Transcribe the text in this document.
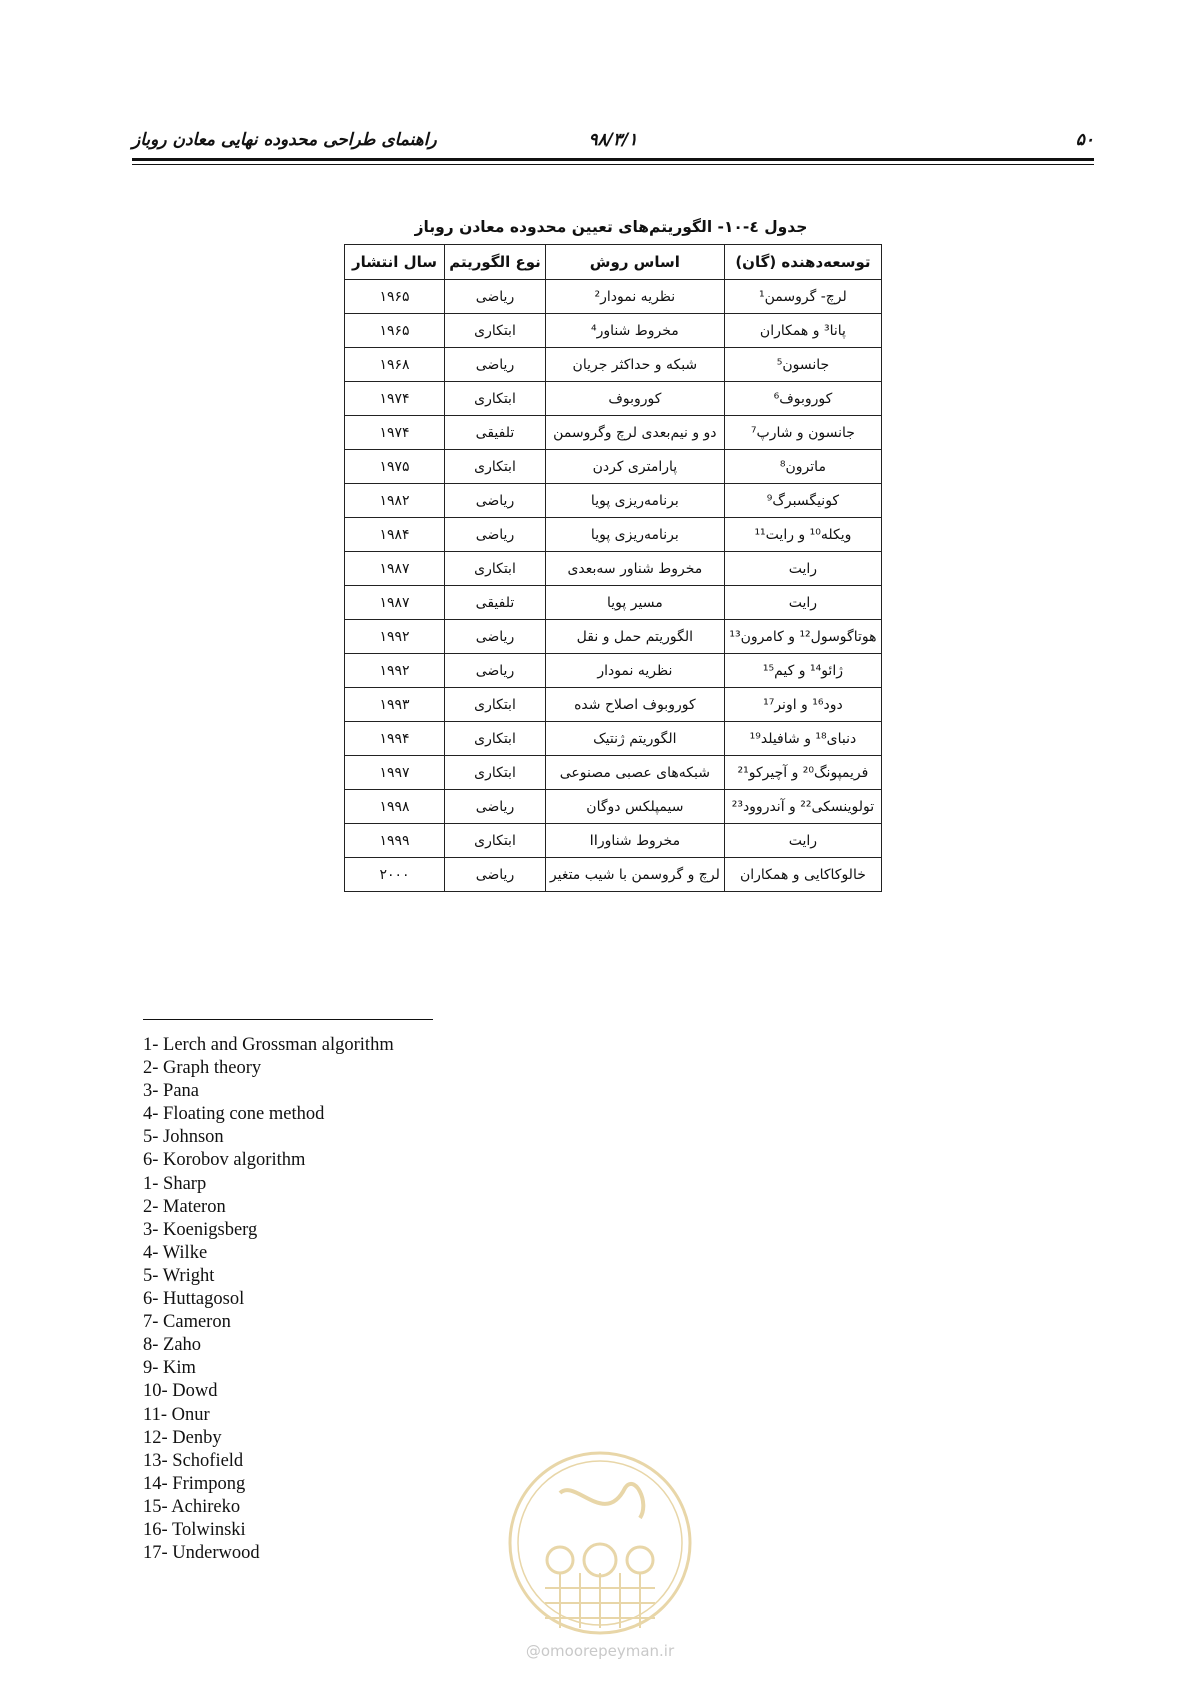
۵۰
۹۸/۳/۱
راهنمای طراحی محدوده نهایی معادن روباز
جدول ٤-١٠- الگوریتم‌های تعیین محدوده معادن روباز
توسعه‌دهنده (گان)	اساس روش	نوع الگوریتم	سال انتشار
لرچ- گروسمن¹	نظریه نمودار²	ریاضی	۱۹۶۵
پانا³ و همکاران	مخروط شناور⁴	ابتکاری	۱۹۶۵
جانسون⁵	شبکه و حداکثر جریان	ریاضی	۱۹۶۸
کوروبوف⁶	کوروبوف	ابتکاری	۱۹۷۴
جانسون و شارپ⁷	دو و نیم‌بعدی لرچ وگروسمن	تلفیقی	۱۹۷۴
ماترون⁸	پارامتری کردن	ابتکاری	۱۹۷۵
کونیگسبرگ⁹	برنامه‌ریزی پویا	ریاضی	۱۹۸۲
ویکله¹⁰ و رایت¹¹	برنامه‌ریزی پویا	ریاضی	۱۹۸۴
رایت	مخروط شناور سه‌بعدی	ابتکاری	۱۹۸۷
رایت	مسیر پویا	تلفیقی	۱۹۸۷
هوتاگوسول¹² و کامرون¹³	الگوریتم حمل و نقل	ریاضی	۱۹۹۲
ژائو¹⁴ و کیم¹⁵	نظریه نمودار	ریاضی	۱۹۹۲
دود¹⁶ و اونر¹⁷	کوروبوف اصلاح شده	ابتکاری	۱۹۹۳
دنبای¹⁸ و شافیلد¹⁹	الگوریتم ژنتیک	ابتکاری	۱۹۹۴
فریمپونگ²⁰ و آچیرکو²¹	شبکه‌های عصبی مصنوعی	ابتکاری	۱۹۹۷
تولوینسکی²² و آندروود²³	سیمپلکس دوگان	ریاضی	۱۹۹۸
رایت	مخروط شناورII	ابتکاری	۱۹۹۹
خالوکاکایی و همکاران	لرچ و گروسمن با شیب متغیر	ریاضی	۲۰۰۰
1- Lerch and Grossman algorithm
2- Graph theory
3- Pana
4- Floating cone method
5- Johnson
6- Korobov algorithm
1- Sharp
2- Materon
3- Koenigsberg
4- Wilke
5- Wright
6- Huttagosol
7- Cameron
8- Zaho
9- Kim
10- Dowd
11- Onur
12- Denby
13- Schofield
14- Frimpong
15- Achireko
16- Tolwinski
17- Underwood
@omoorepeyman.ir
